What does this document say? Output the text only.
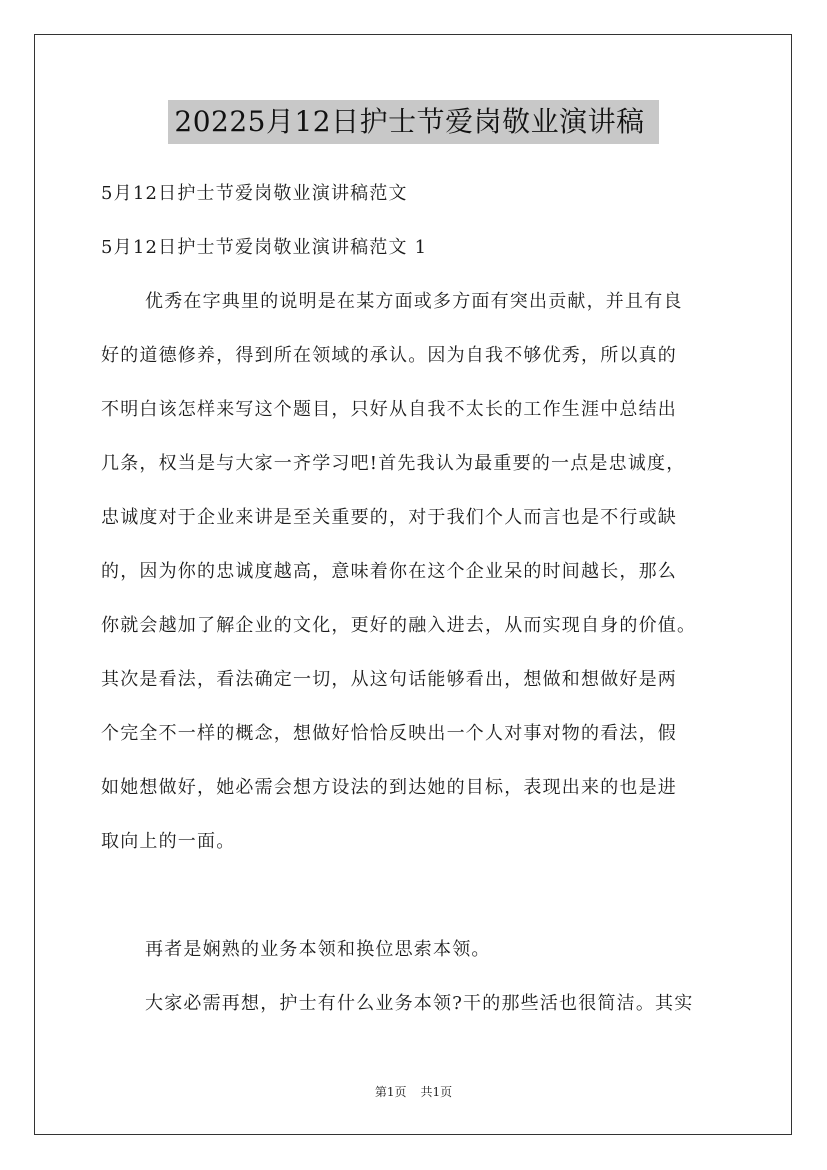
20225月12日护士节爱岗敬业演讲稿
5月12日护士节爱岗敬业演讲稿范文
5月12日护士节爱岗敬业演讲稿范文 1
优秀在字典里的说明是在某方面或多方面有突出贡献，并且有良
好的道德修养，得到所在领域的承认。因为自我不够优秀，所以真的
不明白该怎样来写这个题目，只好从自我不太长的工作生涯中总结出
几条，权当是与大家一齐学习吧!首先我认为最重要的一点是忠诚度，
忠诚度对于企业来讲是至关重要的，对于我们个人而言也是不行或缺
的，因为你的忠诚度越高，意味着你在这个企业呆的时间越长，那么
你就会越加了解企业的文化，更好的融入进去，从而实现自身的价值。
其次是看法，看法确定一切，从这句话能够看出，想做和想做好是两
个完全不一样的概念，想做好恰恰反映出一个人对事对物的看法，假
如她想做好，她必需会想方设法的到达她的目标，表现出来的也是进
取向上的一面。
再者是娴熟的业务本领和换位思索本领。
大家必需再想，护士有什么业务本领?干的那些活也很简洁。其实
第1页 共1页
